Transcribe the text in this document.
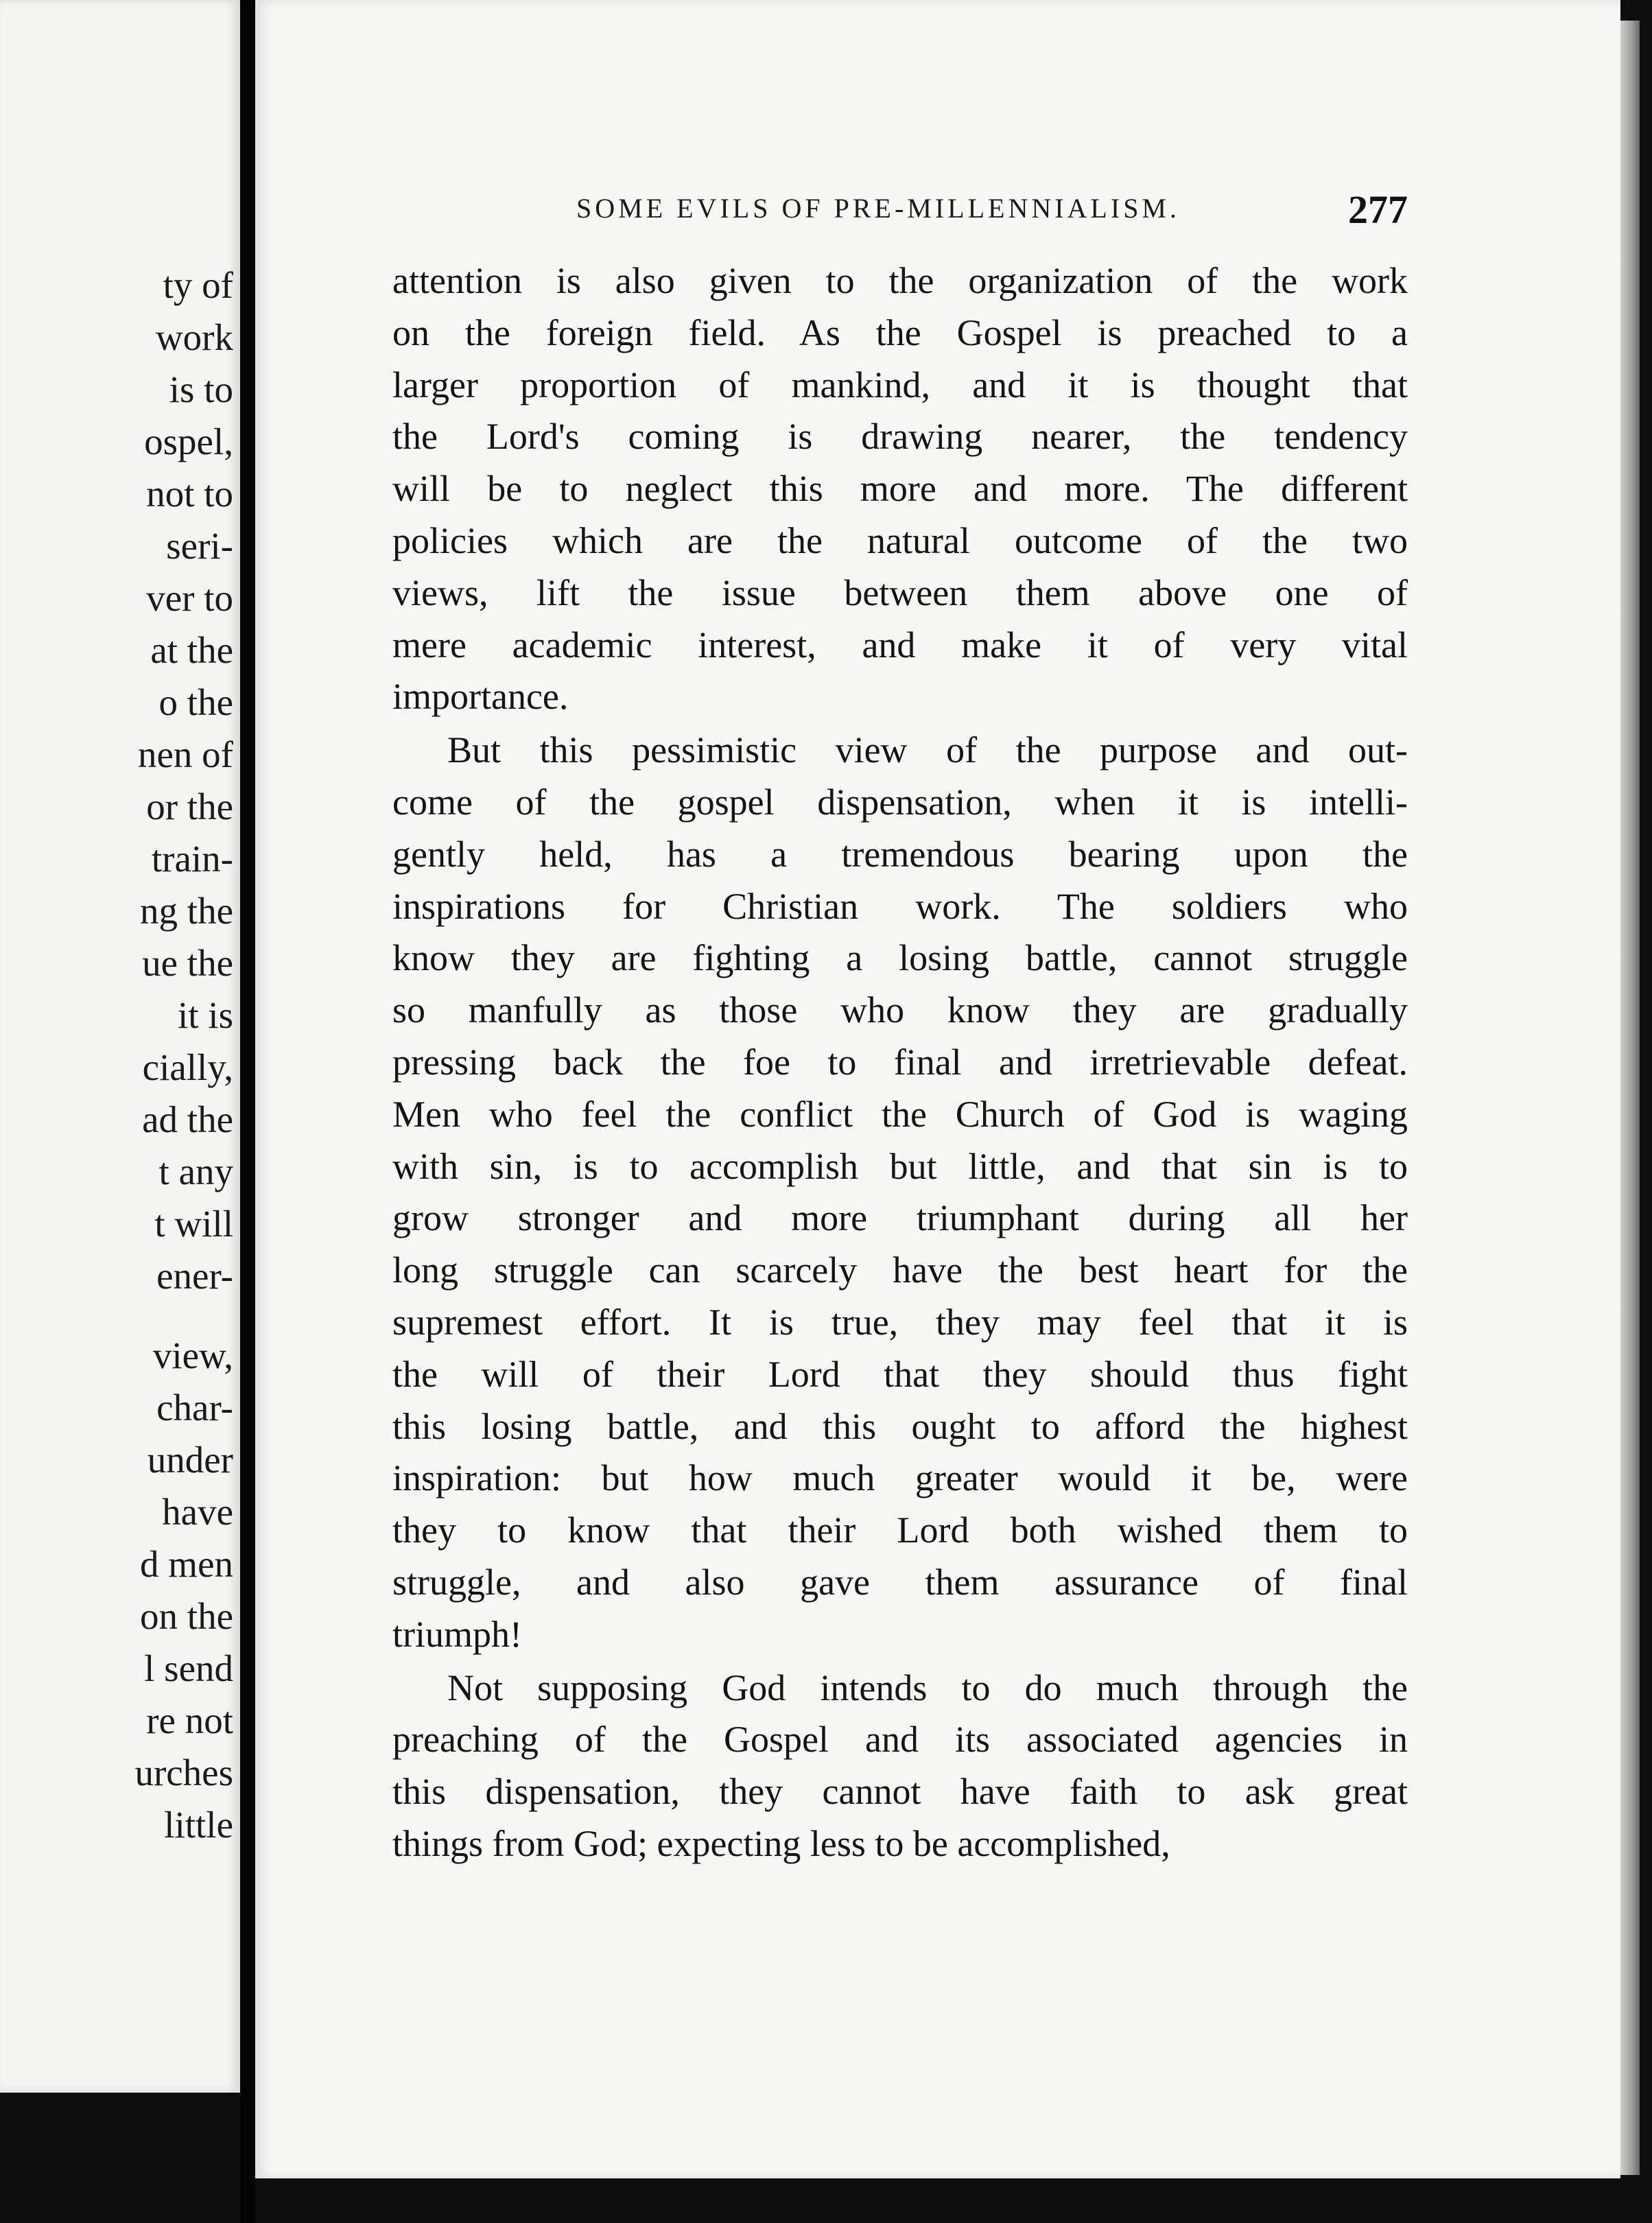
ty of
work
is to
ospel,
not to
seri-
ver to
at the
o the
nen of
or the
train-
ng the
ue the
it is
cially,
ad the
t any
t will
ener-
view,
char-
under
have
d men
on the
l send
re not
urches
little
SOME EVILS OF PRE-MILLENNIALISM.	277
attention is also given to the organization of the work
on the foreign field. As the Gospel is preached to a
larger proportion of mankind, and it is thought that
the Lord's coming is drawing nearer, the tendency
will be to neglect this more and more. The different
policies which are the natural outcome of the two
views, lift the issue between them above one of
mere academic interest, and make it of very vital
importance.
But this pessimistic view of the purpose and out-
come of the gospel dispensation, when it is intelli-
gently held, has a tremendous bearing upon the
inspirations for Christian work. The soldiers who
know they are fighting a losing battle, cannot struggle
so manfully as those who know they are gradually
pressing back the foe to final and irretrievable defeat.
Men who feel the conflict the Church of God is waging
with sin, is to accomplish but little, and that sin is to
grow stronger and more triumphant during all her
long struggle can scarcely have the best heart for the
supremest effort. It is true, they may feel that it is
the will of their Lord that they should thus fight
this losing battle, and this ought to afford the highest
inspiration: but how much greater would it be, were
they to know that their Lord both wished them to
struggle, and also gave them assurance of final
triumph!
Not supposing God intends to do much through the
preaching of the Gospel and its associated agencies in
this dispensation, they cannot have faith to ask great
things from God; expecting less to be accomplished,
